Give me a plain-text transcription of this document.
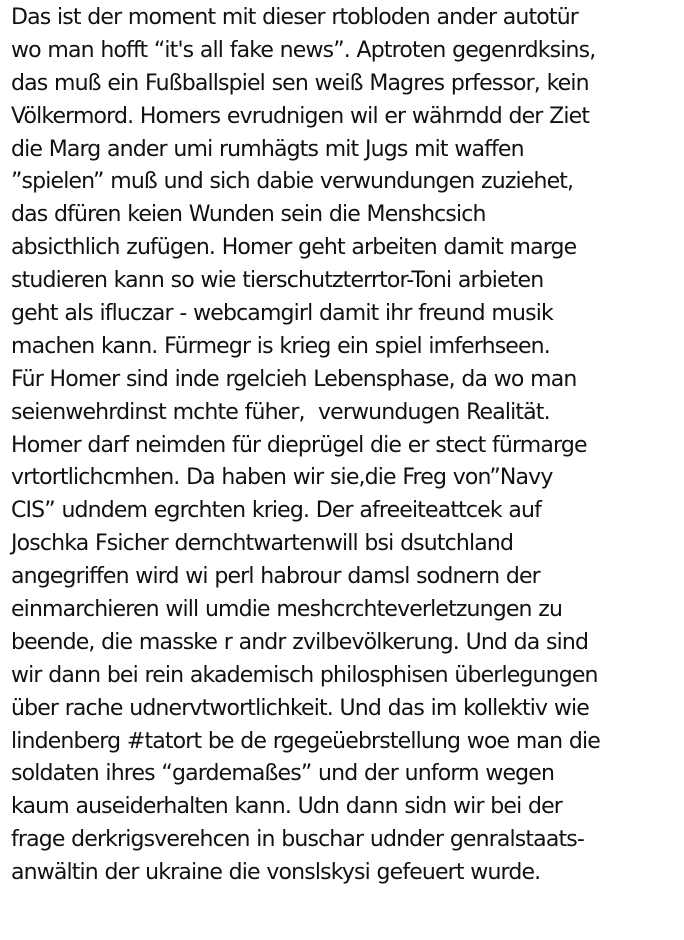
Das ist der moment mit dieser rtobloden ander autotür
wo man hofft “it's all fake news”. Aptroten gegenrdksins,
das muß ein Fußballspiel sen weiß Magres prfessor, kein
Völkermord. Homers evrudnigen wil er währndd der Ziet
die Marg ander umi rumhägts mit Jugs mit waffen
”spielen” muß und sich dabie verwundungen zuziehet,
das dfüren keien Wunden sein die Menshcsich
absicthlich zufügen. Homer geht arbeiten damit marge
studieren kann so wie tierschutzterrtor-Toni arbieten
geht als ifluczar - webcamgirl damit ihr freund musik
machen kann. Fürmegr is krieg ein spiel imferhseen.
Für Homer sind inde rgelcieh Lebensphase, da wo man
seienwehrdinst mchte füher,  verwundugen Realität.
Homer darf neimden für dieprügel die er stect fürmarge
vrtortlichcmhen. Da haben wir sie,die Freg von”Navy
CIS” udndem egrchten krieg. Der afreeiteattcek auf
Joschka Fsicher dernchtwartenwill bsi dsutchland
angegriffen wird wi perl habrour damsl sodnern der
einmarchieren will umdie meshcrchteverletzungen zu
beende, die masske r andr zvilbevölkerung. Und da sind
wir dann bei rein akademisch philosphisen überlegungen
über rache udnervtwortlichkeit. Und das im kollektiv wie
lindenberg #tatort be de rgegeüebrstellung woe man die
soldaten ihres “gardemaßes” und der unform wegen
kaum auseiderhalten kann. Udn dann sidn wir bei der
frage derkrigsverehcen in buschar udnder genralstaats-
anwältin der ukraine die vonslskysi gefeuert wurde.
